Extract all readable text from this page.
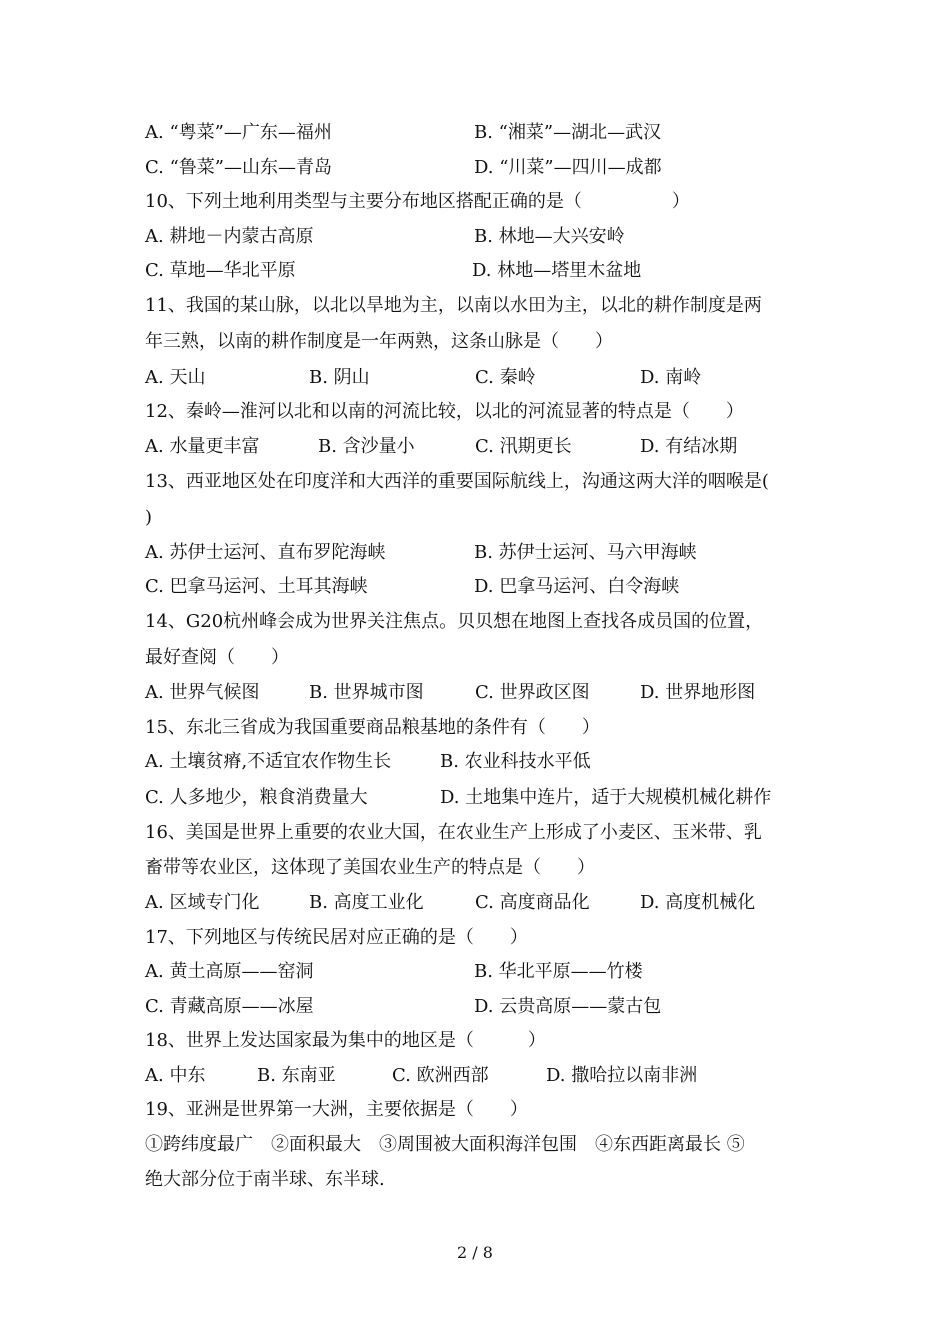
A. “粤菜”—广东—福州	B. “湘菜”—湖北—武汉
C. “鲁菜”—山东—青岛	D. “川菜”—四川—成都
10、下列土地利用类型与主要分布地区搭配正确的是（　　　　　）
A. 耕地－内蒙古高原	B. 林地—大兴安岭
C. 草地—华北平原	D. 林地—塔里木盆地
11、我国的某山脉，以北以旱地为主，以南以水田为主，以北的耕作制度是两
年三熟，以南的耕作制度是一年两熟，这条山脉是（　　）
A. 天山	B. 阴山	C. 秦岭	D. 南岭
12、秦岭—淮河以北和以南的河流比较，以北的河流显著的特点是（　　）
A. 水量更丰富	B. 含沙量小	C. 汛期更长	D. 有结冰期
13、西亚地区处在印度洋和大西洋的重要国际航线上，沟通这两大洋的咽喉是(
)
A. 苏伊士运河、直布罗陀海峡	B. 苏伊士运河、马六甲海峡
C. 巴拿马运河、土耳其海峡	D. 巴拿马运河、白令海峡
14、G20杭州峰会成为世界关注焦点。贝贝想在地图上查找各成员国的位置，
最好查阅（　　）
A. 世界气候图	B. 世界城市图	C. 世界政区图	D. 世界地形图
15、东北三省成为我国重要商品粮基地的条件有（　　）
A. 土壤贫瘠,不适宜农作物生长	B. 农业科技水平低
C. 人多地少，粮食消费量大	D. 土地集中连片，适于大规模机械化耕作
16、美国是世界上重要的农业大国，在农业生产上形成了小麦区、玉米带、乳
畜带等农业区，这体现了美国农业生产的特点是（　　）
A. 区域专门化	B. 高度工业化	C. 高度商品化	D. 高度机械化
17、下列地区与传统民居对应正确的是（　　）
A. 黄土高原——窑洞	B. 华北平原——竹楼
C. 青藏高原——冰屋	D. 云贵高原——蒙古包
18、世界上发达国家最为集中的地区是（　　　）
A. 中东	B. 东南亚	C. 欧洲西部	D. 撒哈拉以南非洲
19、亚洲是世界第一大洲，主要依据是（　　）
①跨纬度最广　②面积最大　③周围被大面积海洋包围　④东西距离最长 ⑤
绝大部分位于南半球、东半球.
2 / 8
